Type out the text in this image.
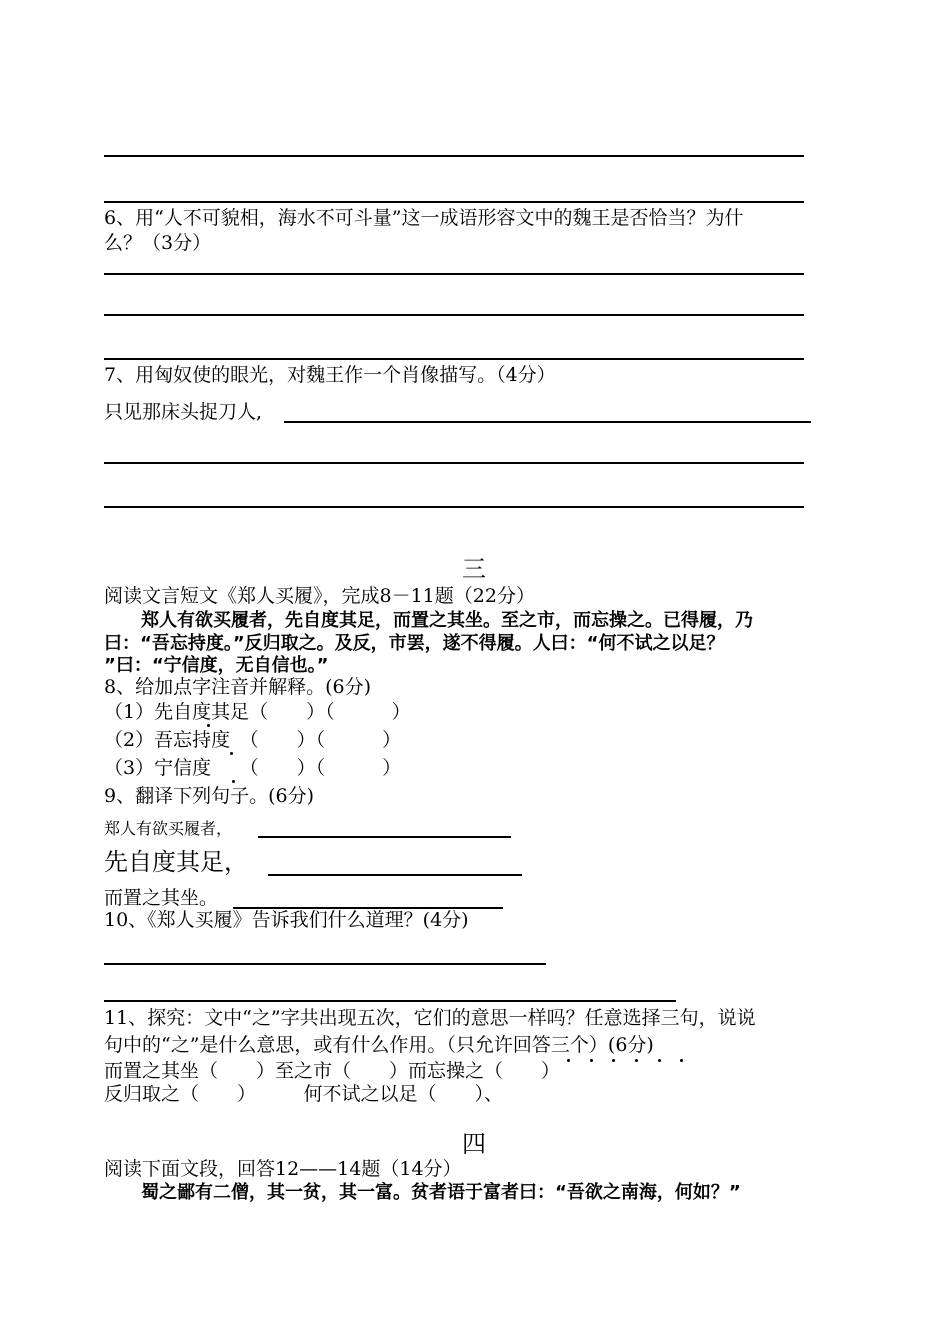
6、用“人不可貌相，海水不可斗量”这一成语形容文中的魏王是否恰当？为什
么？（3分）
7、用匈奴使的眼光，对魏王作一个肖像描写。（4分）
只见那床头捉刀人,
三
阅读文言短文《郑人买履》，完成8－11题（22分）
郑人有欲买履者，先自度其足，而置之其坐。至之市，而忘操之。已得履，乃
曰：“吾忘持度。”反归取之。及反，市罢，遂不得履。人曰：“何不试之以足？
”曰：“宁信度，无自信也。”
8、给加点字注音并解释。(6分)
（1）先自度其足（　　）（　　　）
（2）吾忘持度　（　　）（　　　）
（3）宁信度　　（　　）（　　　）
9、翻译下列句子。(6分)
郑人有欲买履者，
先自度其足，
而置之其坐。
10、《郑人买履》告诉我们什么道理？(4分)
11、探究：文中“之”字共出现五次，它们的意思一样吗？任意选择三句，说说
句中的“之”是什么意思，或有什么作用。（只允许回答三个）(6分)
而置之其坐（　　）至之市（　　）而忘操之（　　）
反归取之（　　）　　　何不试之以足（　　）、
四
阅读下面文段，回答12——14题（14分）
蜀之鄙有二僧，其一贫，其一富。贫者语于富者曰：“吾欲之南海，何如？”
